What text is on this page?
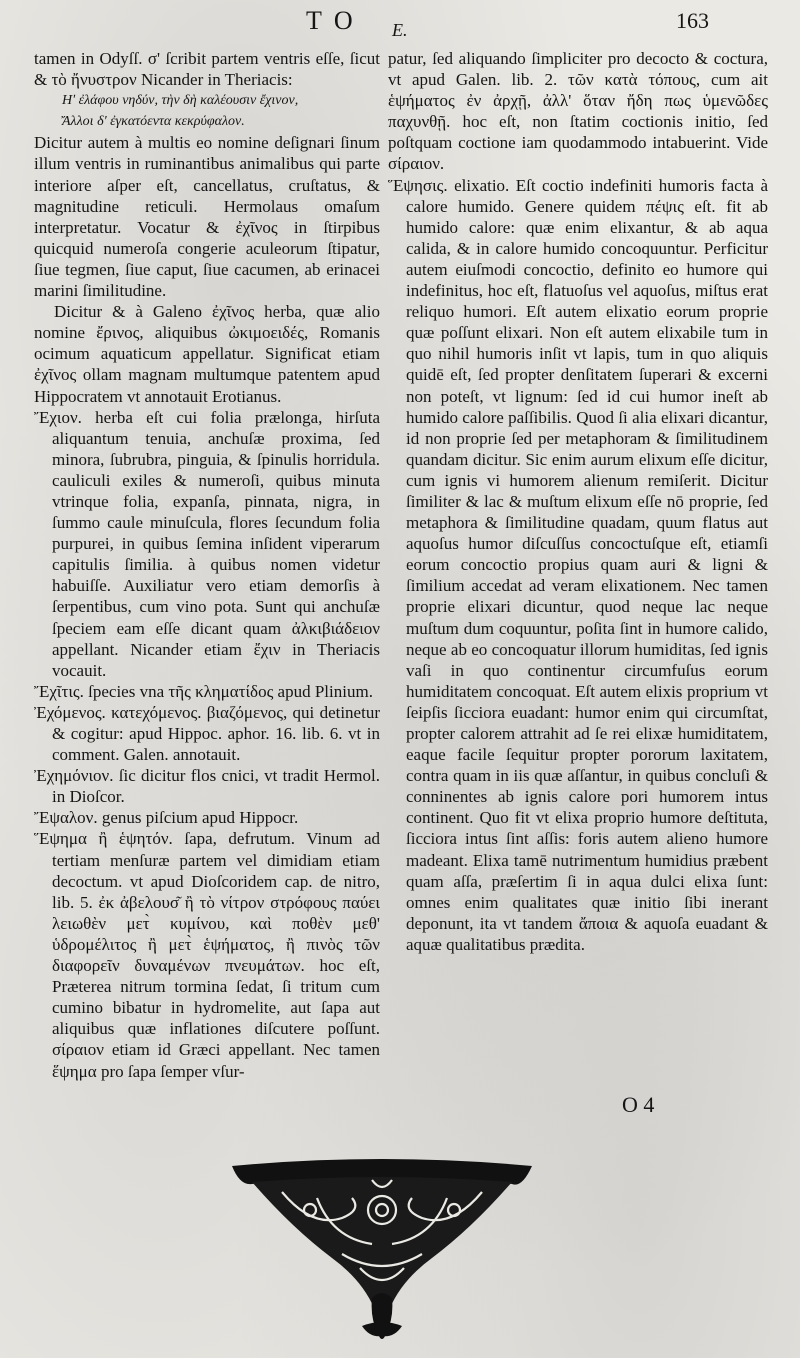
T O E.	163

tamen in Odyſſ. σ' ſcribit partem ventris eſſe, ſicut & τὸ ἤνυστρον Nicander in Theriacis:

Ηʹ ἐλάφου νηδύν, τὴν δὴ καλέουσιν ἔχινον,

Ἄλλοι δ' ἐγκατόεντα κεκρύφαλον.

Dicitur autem à multis eo nomine deſignari ſinum illum ventris in ruminantibus animalibus qui parte interiore aſper eſt, cancellatus, cruſtatus, & magnitudine reticuli. Hermolaus omaſum interpretatur. Vocatur & ἐχῖνος in ſtirpibus quicquid numeroſa congerie aculeorum ſtipatur, ſiue tegmen, ſiue caput, ſiue cacumen, ab erinacei marini ſimilitudine.

Dicitur & à Galeno ἐχῖνος herba, quæ alio nomine ἔρινος, aliquibus ὠκιμοειδές, Romanis ocimum aquaticum appellatur. Significat etiam ἐχῖνος ollam magnam multumque patentem apud Hippocratem vt annotauit Erotianus.

Ἔχιον. herba eſt cui folia prælonga, hirſuta aliquantum tenuia, anchuſæ proxima, ſed minora, ſubrubra, pinguia, & ſpinulis horridula. cauliculi exiles & numeroſi, quibus minuta vtrinque folia, expanſa, pinnata, nigra, in ſummo caule minuſcula, flores ſecundum folia purpurei, in quibus ſemina inſident viperarum capitulis ſimilia. à quibus nomen videtur habuiſſe. Auxiliatur vero etiam demorſis à ſerpentibus, cum vino pota. Sunt qui anchuſæ ſpeciem eam eſſe dicant quam ἀλκιβιάδειον appellant. Nicander etiam ἔχιν in Theriacis vocauit.

Ἔχῖτις. ſpecies vna τῆς κληματίδος apud Plinium.

Ἐχόμενος. κατεχόμενος. βιαζόμενος, qui detinetur & cogitur: apud Hippoc. aphor. 16. lib. 6. vt in comment. Galen. annotauit.

Ἐχημόνιον. ſic dicitur flos cnici, vt tradit Hermol. in Dioſcor.

Ἔψαλον. genus piſcium apud Hippocr.

Ἕψημα ἢ ἑψητόν. ſapa, defrutum. Vinum ad tertiam menſuræ partem vel dimidiam etiam decoctum. vt apud Dioſcoridem cap. de nitro, lib. 5. ἐκ ἀβελουσ͂ ἢ τὸ νίτρον στρόφους παύει λειωθὲν μετ̀ κυμίνου, καὶ ποθὲν μεθ' ὑδρομέλιτος ἢ μετ̀ ἑψήματος, ἢ πινὸς τῶν διαφορεῖν δυναμένων πνευμάτων. hoc eſt, Præterea nitrum tormina ſedat, ſi tritum cum cumino bibatur in hydromelite, aut ſapa aut aliquibus quæ inflationes diſcutere poſſunt. σίραιον etiam id Græci appellant. Nec tamen ἕψημα pro ſapa ſemper vſur-

patur, ſed aliquando ſimpliciter pro decocto & coctura, vt apud Galen. lib. 2. τῶν κατὰ τόπους, cum ait ἑψήματος ἐν ἀρχῇ, ἀλλ' ὅταν ἤδη πως ὑμενῶδες παχυνθῇ. hoc eſt, non ſtatim coctionis initio, ſed poſtquam coctione iam quodammodo intabuerint. Vide σίραιον.

Ἕψησις. elixatio. Eſt coctio indefiniti humoris facta à calore humido. Genere quidem πέψις eſt. fit ab humido calore: quæ enim elixantur, & ab aqua calida, & in calore humido concoquuntur. Perficitur autem eiuſmodi concoctio, definito eo humore qui indefinitus, hoc eſt, flatuoſus vel aquoſus, miſtus erat reliquo humori. Eſt autem elixatio eorum proprie quæ poſſunt elixari. Non eſt autem elixabile tum in quo nihil humoris inſit vt lapis, tum in quo aliquis quidē eſt, ſed propter denſitatem ſuperari & excerni non poteſt, vt lignum: ſed id cui humor ineſt ab humido calore paſſibilis. Quod ſi alia elixari dicantur, id non proprie ſed per metaphoram & ſimilitudinem quandam dicitur. Sic enim aurum elixum eſſe dicitur, cum ignis vi humorem alienum remiſerit. Dicitur ſimiliter & lac & muſtum elixum eſſe nō proprie, ſed metaphora & ſimilitudine quadam, quum flatus aut aquoſus humor diſcuſſus concoctuſque eſt, etiamſi eorum concoctio propius quam auri & ligni & ſimilium accedat ad veram elixationem. Nec tamen proprie elixari dicuntur, quod neque lac neque muſtum dum coquuntur, poſita ſint in humore calido, neque ab eo concoquatur illorum humiditas, ſed ignis vaſi in quo continentur circumfuſus eorum humiditatem concoquat. Eſt autem elixis proprium vt ſeipſis ſicciora euadant: humor enim qui circumſtat, propter calorem attrahit ad ſe rei elixæ humiditatem, eaque facile ſequitur propter pororum laxitatem, contra quam in iis quæ aſſantur, in quibus concluſi & conninentes ab ignis calore pori humorem intus continent. Quo fit vt elixa proprio humore deſtituta, ſicciora intus ſint aſſis: foris autem alieno humore madeant. Elixa tamē nutrimentum humidius præbent quam aſſa, præſertim ſi in aqua dulci elixa ſunt: omnes enim qualitates quæ initio ſibi inerant deponunt, ita vt tandem ἄποια & aquoſa euadant & aquæ qualitatibus prædita.

O 4
